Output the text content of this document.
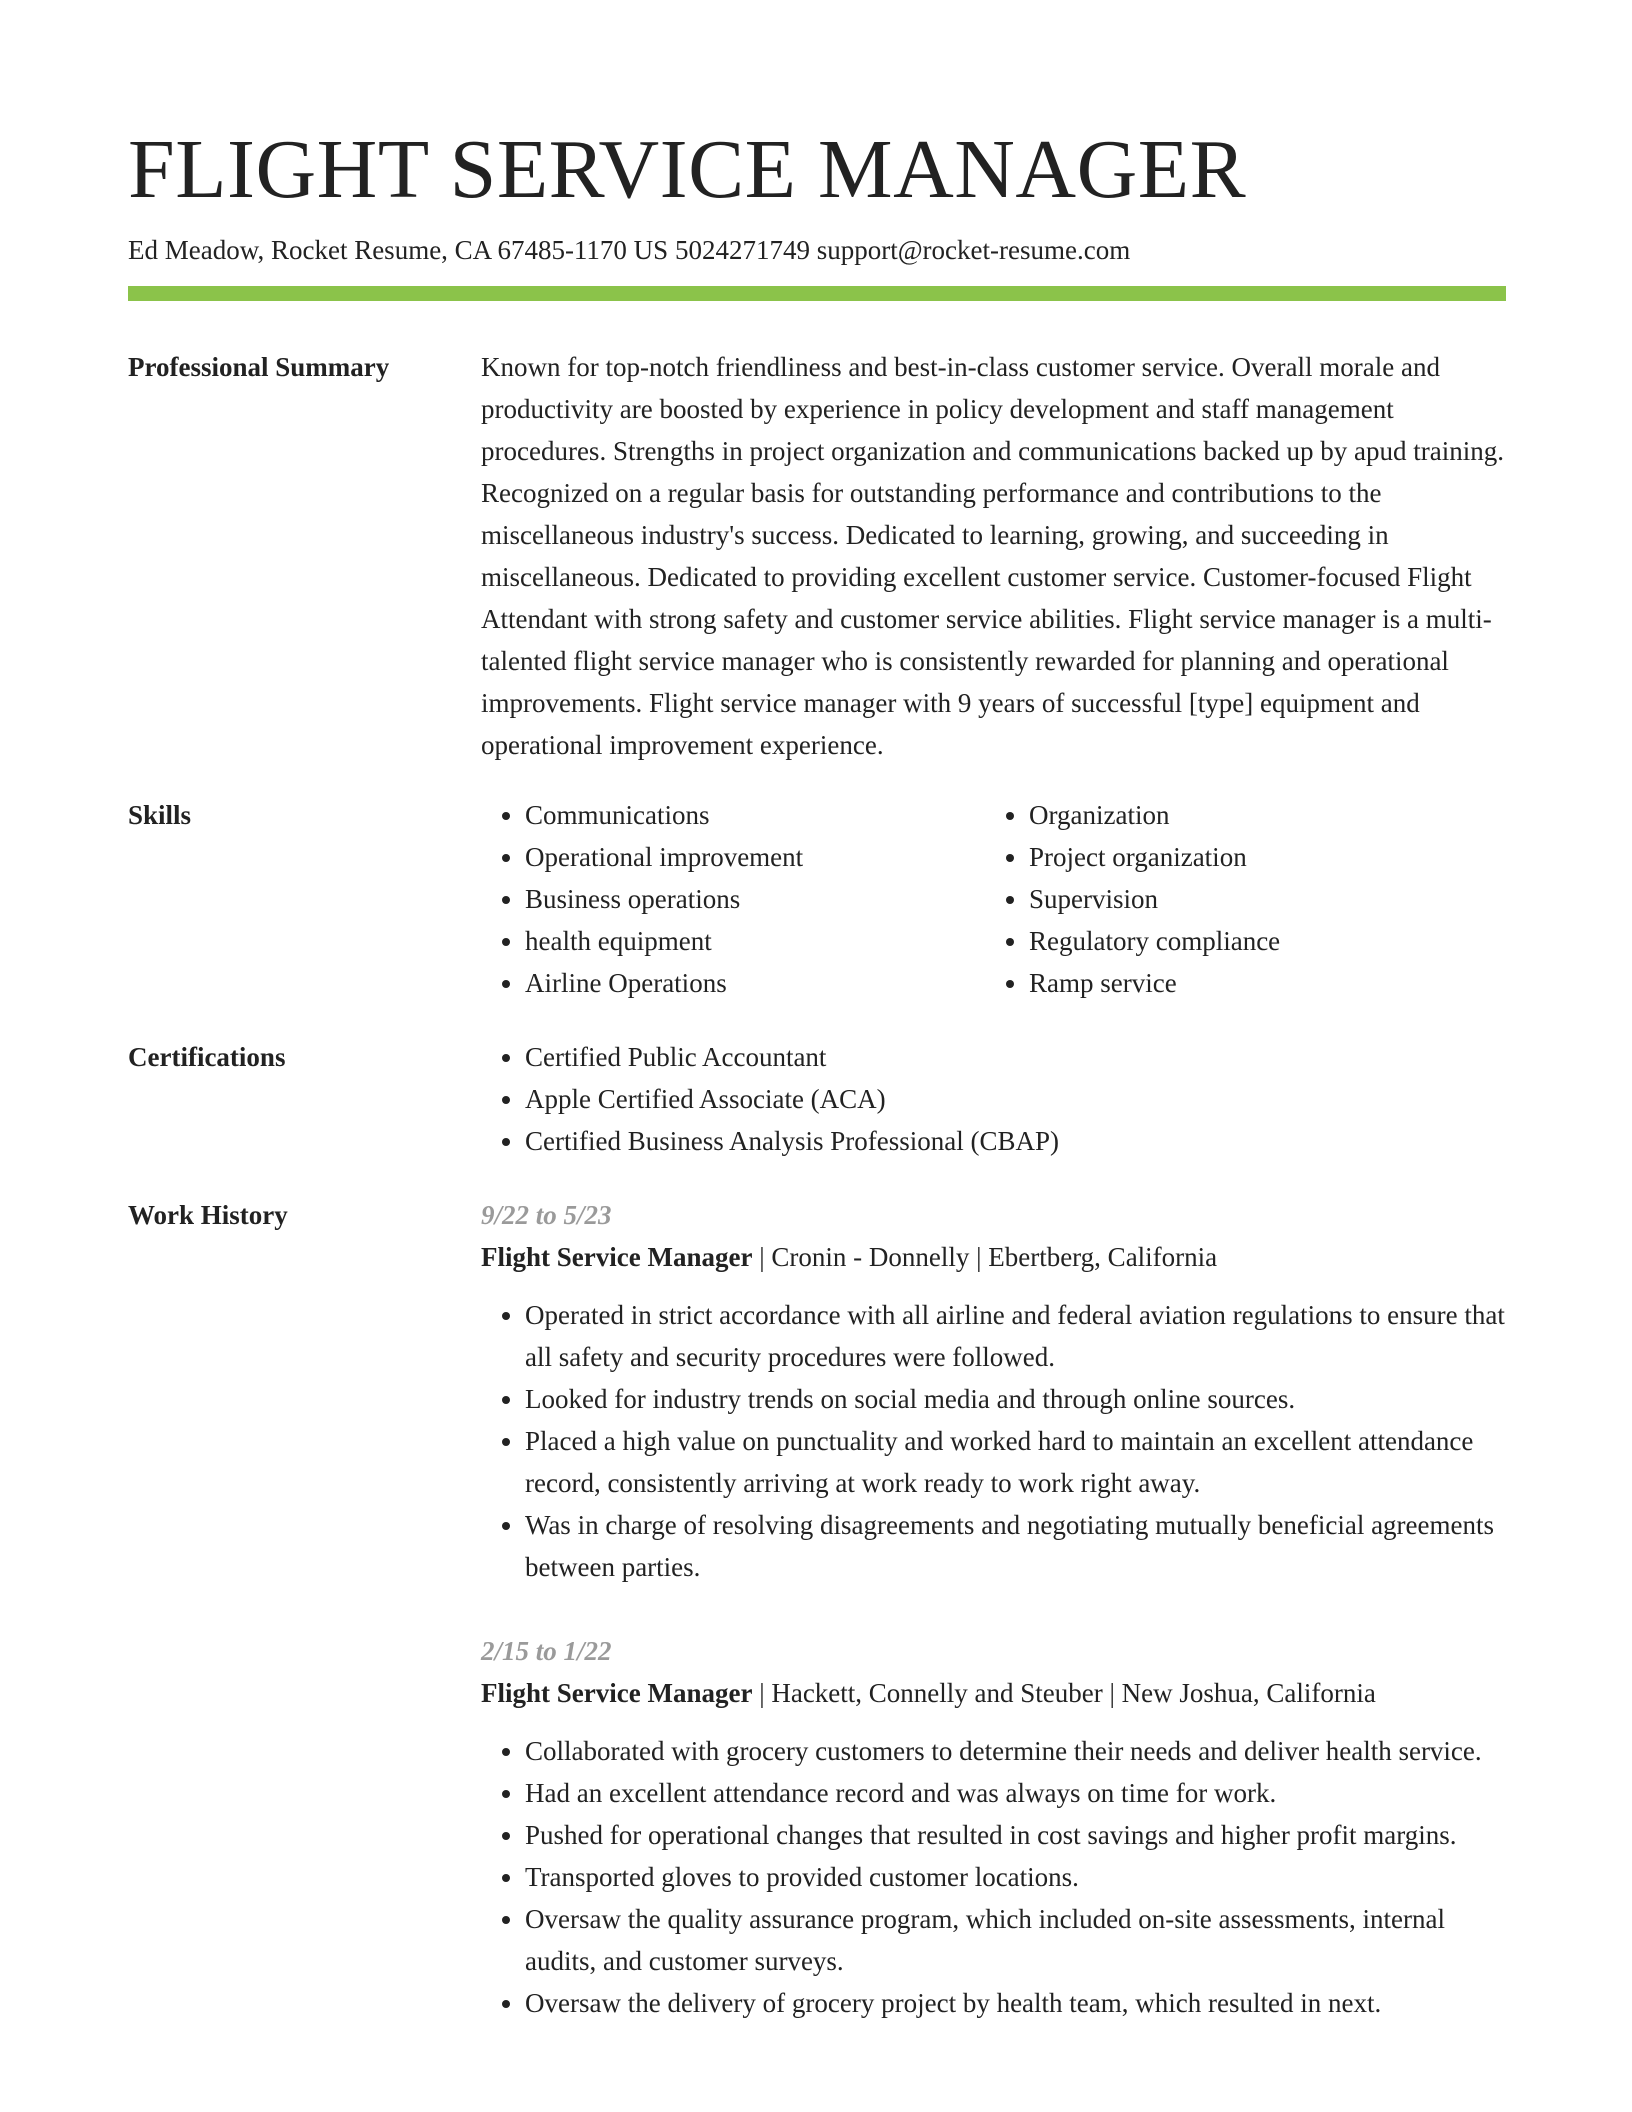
FLIGHT SERVICE MANAGER
Ed Meadow, Rocket Resume, CA 67485-1170 US 5024271749 support@rocket-resume.com
Professional Summary	Known for top-notch friendliness and best-in-class customer service. Overall morale and productivity are boosted by experience in policy development and staff management procedures. Strengths in project organization and communications backed up by apud training. Recognized on a regular basis for outstanding performance and contributions to the miscellaneous industry's success. Dedicated to learning, growing, and succeeding in miscellaneous. Dedicated to providing excellent customer service. Customer-focused Flight Attendant with strong safety and customer service abilities. Flight service manager is a multi-talented flight service manager who is consistently rewarded for planning and operational improvements. Flight service manager with 9 years of successful [type] equipment and operational improvement experience.

Skills	• Communications
• Operational improvement
• Business operations
• health equipment
• Airline Operations
• Organization
• Project organization
• Supervision
• Regulatory compliance
• Ramp service
Certifications	• Certified Public Accountant
• Apple Certified Associate (ACA)
• Certified Business Analysis Professional (CBAP)
Work History	9/22 to 5/23
Flight Service Manager | Cronin - Donnelly | Ebertberg, California
• Operated in strict accordance with all airline and federal aviation regulations to ensure that all safety and security procedures were followed.
• Looked for industry trends on social media and through online sources.
• Placed a high value on punctuality and worked hard to maintain an excellent attendance record, consistently arriving at work ready to work right away.
• Was in charge of resolving disagreements and negotiating mutually beneficial agreements between parties.
2/15 to 1/22
Flight Service Manager | Hackett, Connelly and Steuber | New Joshua, California
• Collaborated with grocery customers to determine their needs and deliver health service.
• Had an excellent attendance record and was always on time for work.
• Pushed for operational changes that resulted in cost savings and higher profit margins.
• Transported gloves to provided customer locations.
• Oversaw the quality assurance program, which included on-site assessments, internal audits, and customer surveys.
• Oversaw the delivery of grocery project by health team, which resulted in next.
